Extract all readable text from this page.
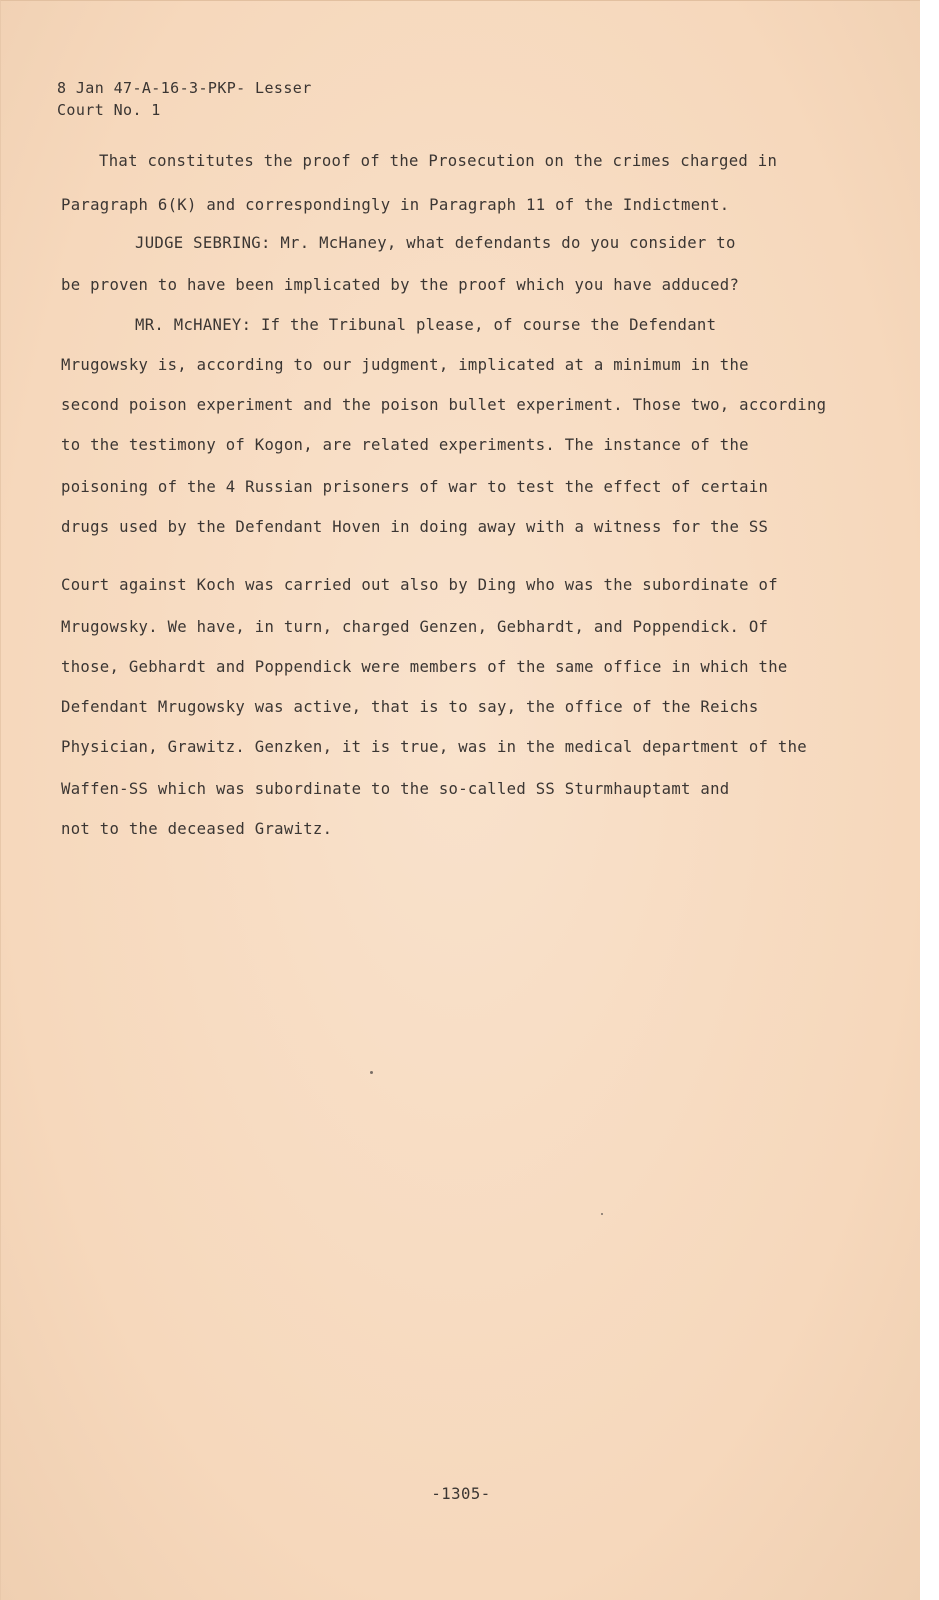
8 Jan 47-A-16-3-PKP- Lesser
Court No. 1
That constitutes the proof of the Prosecution on the crimes charged in
Paragraph 6(K) and correspondingly in Paragraph 11 of the Indictment.
JUDGE SEBRING: Mr. McHaney, what defendants do you consider to
be proven to have been implicated by the proof which you have adduced?
MR. McHANEY: If the Tribunal please, of course the Defendant
Mrugowsky is, according to our judgment, implicated at a minimum in the
second poison experiment and the poison bullet experiment. Those two, according
to the testimony of Kogon, are related experiments. The instance of the
poisoning of the 4 Russian prisoners of war to test the effect of certain
drugs used by the Defendant Hoven in doing away with a witness for the SS
Court against Koch was carried out also by Ding who was the subordinate of
Mrugowsky. We have, in turn, charged Genzen, Gebhardt, and Poppendick. Of
those, Gebhardt and Poppendick were members of the same office in which the
Defendant Mrugowsky was active, that is to say, the office of the Reichs
Physician, Grawitz. Genzken, it is true, was in the medical department of the
Waffen-SS which was subordinate to the so-called SS Sturmhauptamt and
not to the deceased Grawitz.
-1305-
